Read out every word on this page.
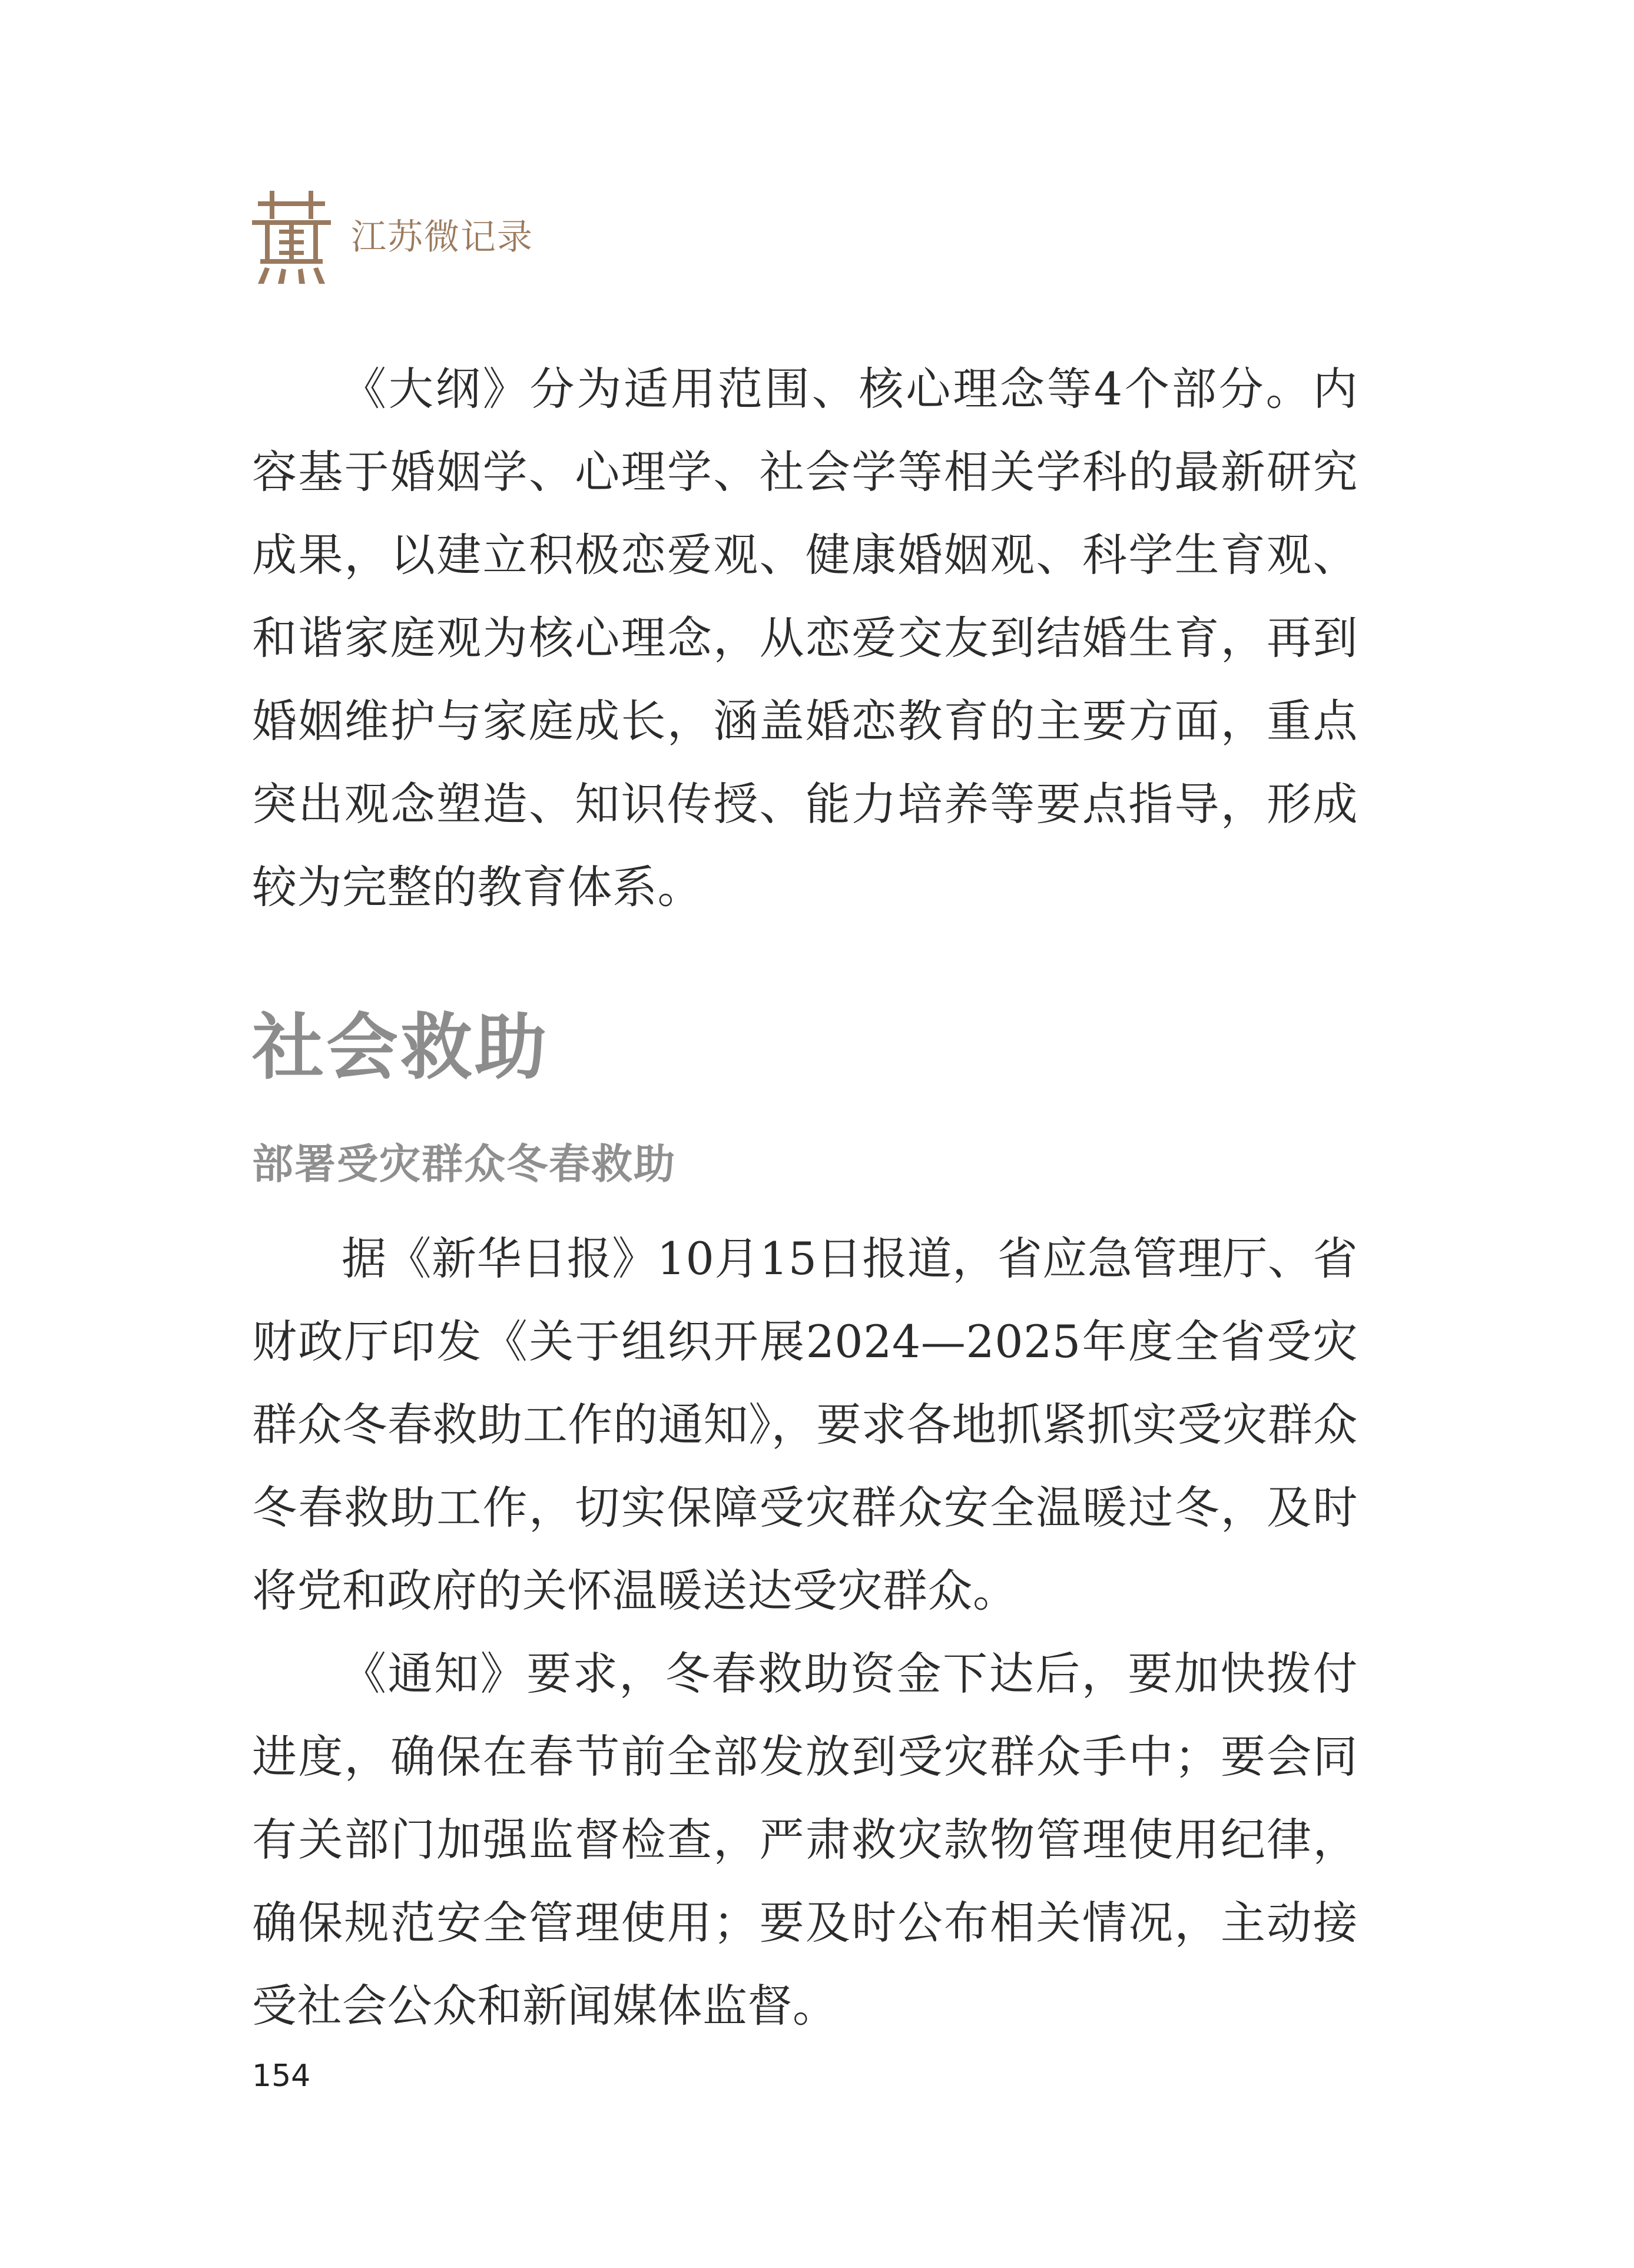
江苏微记录

《大纲》分为适用范围、核心理念等4个部分。内容基于婚姻学、心理学、社会学等相关学科的最新研究成果，以建立积极恋爱观、健康婚姻观、科学生育观、和谐家庭观为核心理念，从恋爱交友到结婚生育，再到婚姻维护与家庭成长，涵盖婚恋教育的主要方面，重点突出观念塑造、知识传授、能力培养等要点指导，形成较为完整的教育体系。

社会救助
部署受灾群众冬春救助

据《新华日报》10月15日报道，省应急管理厅、省财政厅印发《关于组织开展2024—2025年度全省受灾群众冬春救助工作的通知》，要求各地抓紧抓实受灾群众冬春救助工作，切实保障受灾群众安全温暖过冬，及时将党和政府的关怀温暖送达受灾群众。

《通知》要求，冬春救助资金下达后，要加快拨付进度，确保在春节前全部发放到受灾群众手中；要会同有关部门加强监督检查，严肃救灾款物管理使用纪律，确保规范安全管理使用；要及时公布相关情况，主动接受社会公众和新闻媒体监督。

154
